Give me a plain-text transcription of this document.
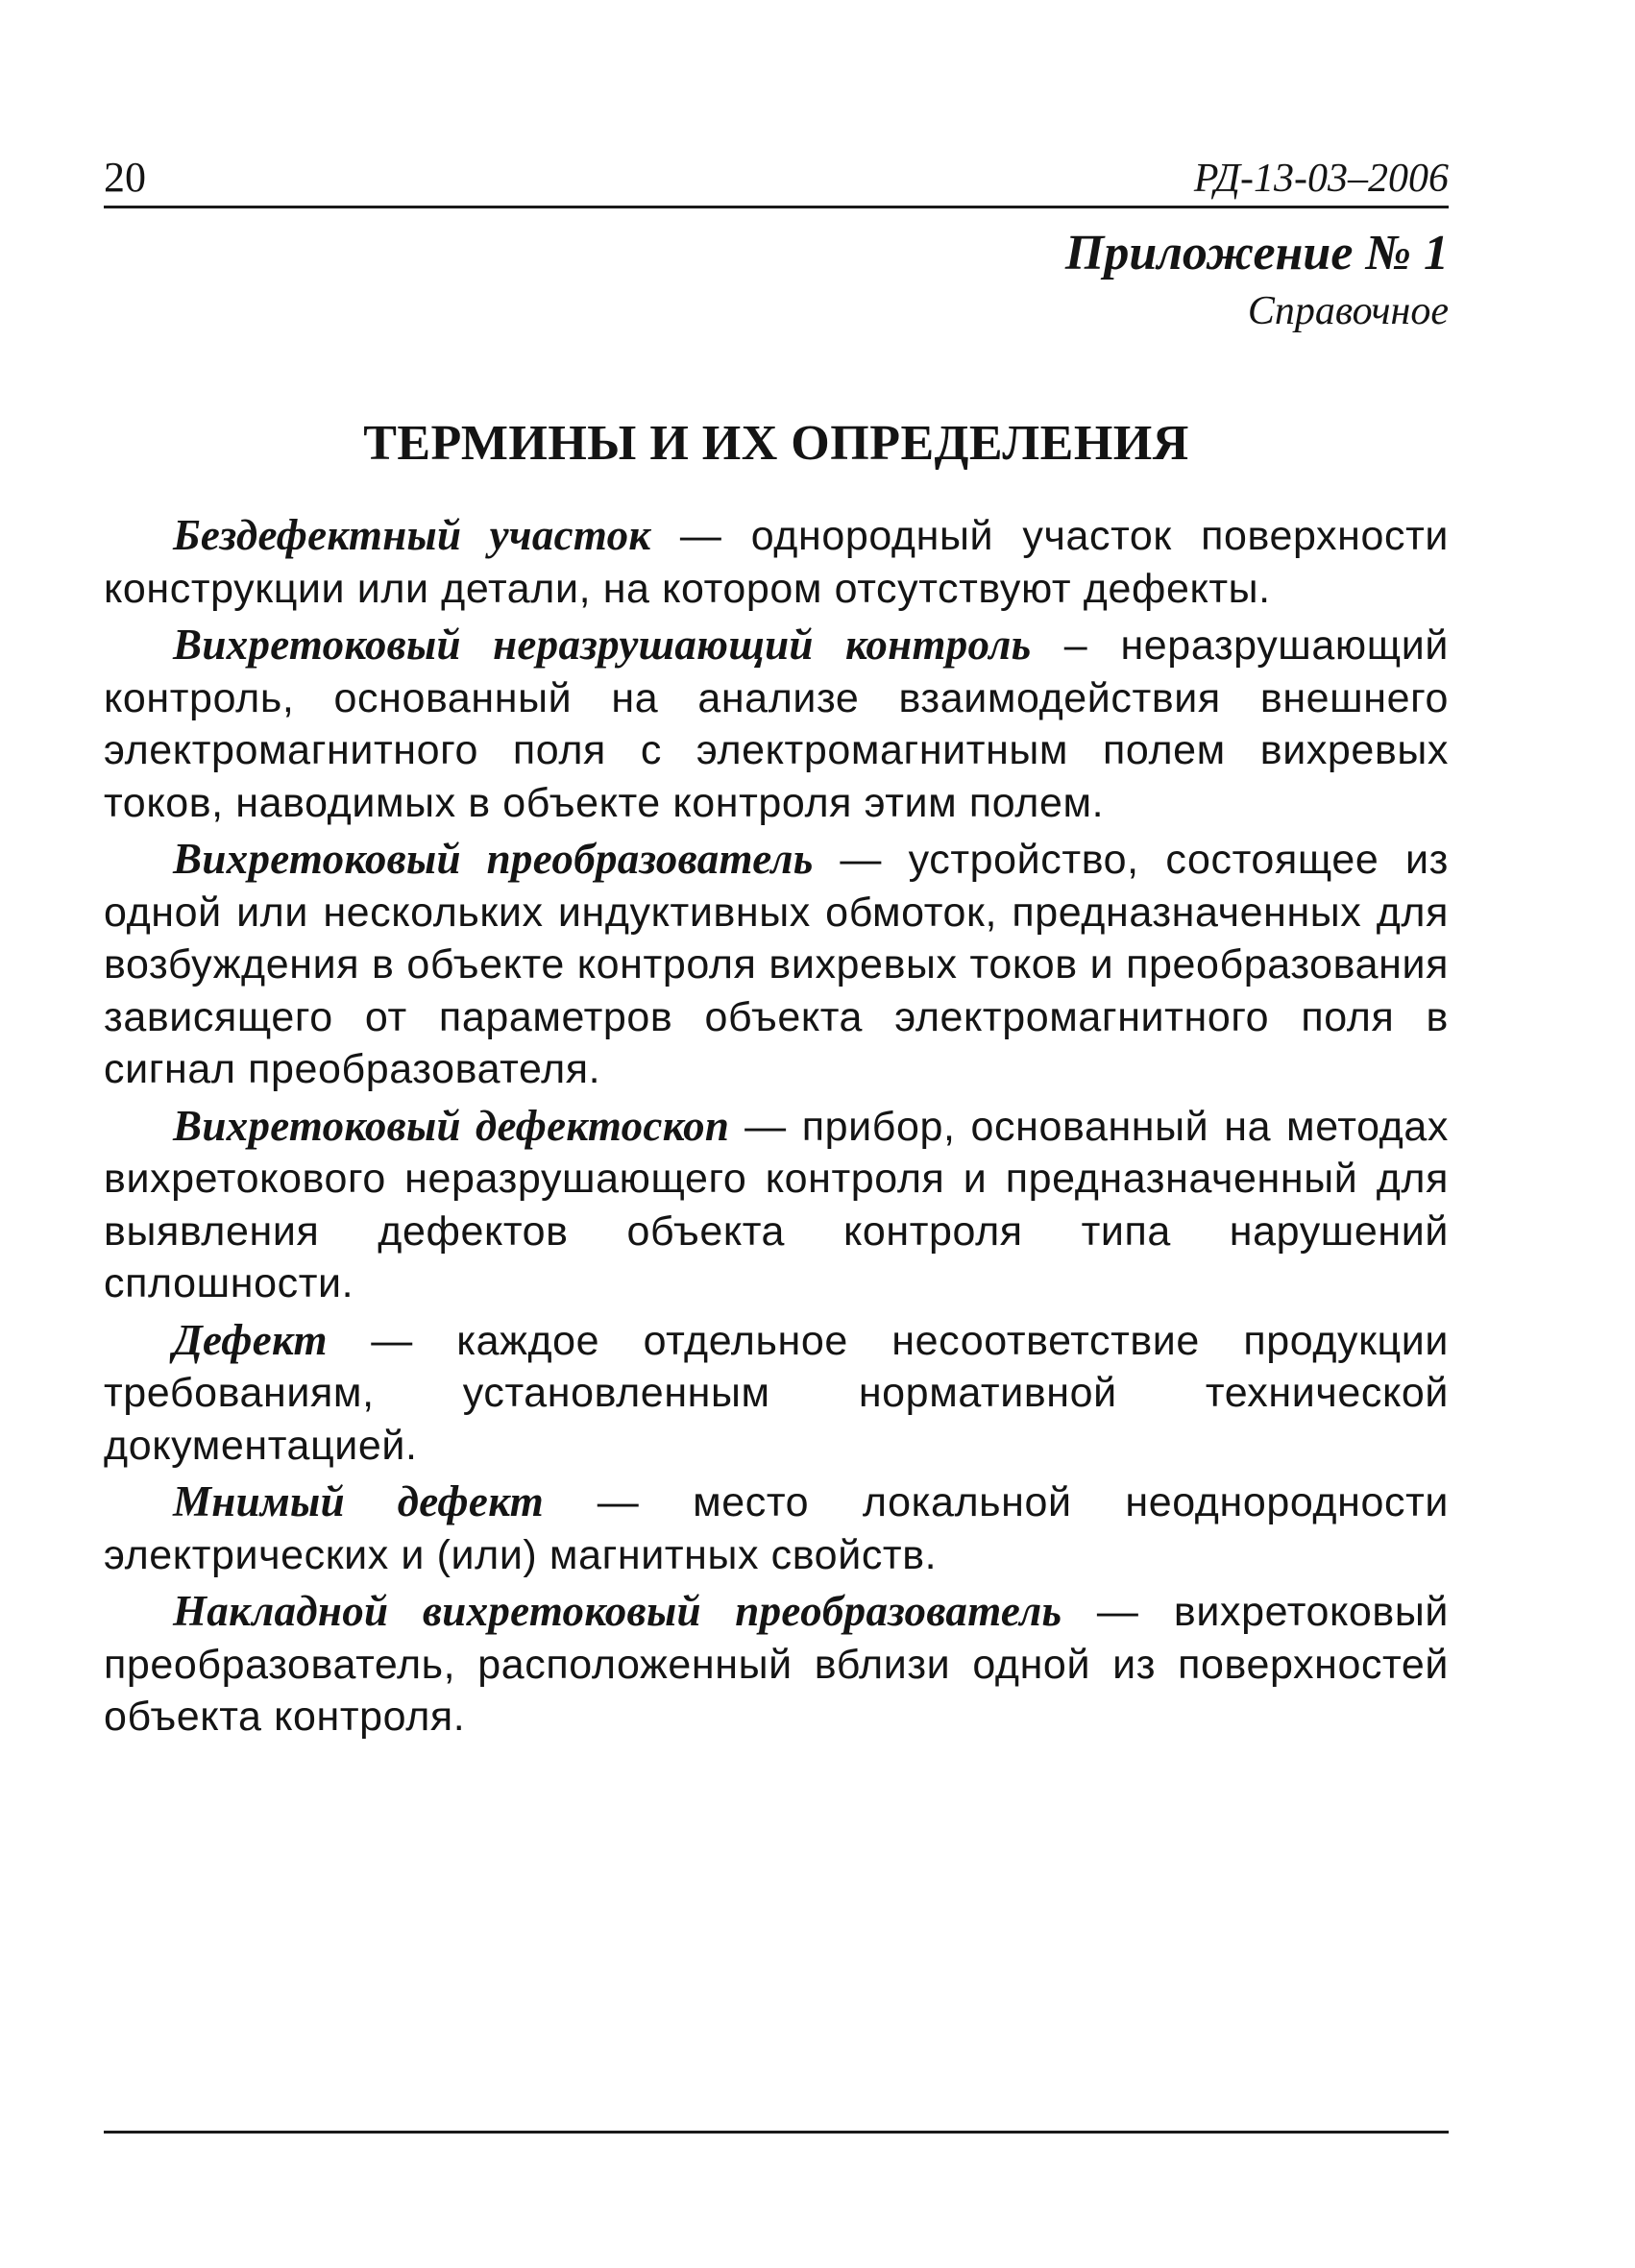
20	РД-13-03–2006
Приложение № 1
Справочное
ТЕРМИНЫ И ИХ ОПРЕДЕЛЕНИЯ

Бездефектный участок — однородный участок поверхности конструкции или детали, на котором отсутствуют дефекты.

Вихретоковый неразрушающий контроль – неразрушающий контроль, основанный на анализе взаимодействия внешнего электромагнитного поля с электромагнитным полем вихревых токов, наводимых в объекте контроля этим полем.

Вихретоковый преобразователь — устройство, состоящее из одной или нескольких индуктивных обмоток, предназначенных для возбуждения в объекте контроля вихревых токов и преобразования зависящего от параметров объекта электромагнитного поля в сигнал преобразователя.

Вихретоковый дефектоскоп — прибор, основанный на методах вихретокового неразрушающего контроля и предназначенный для выявления дефектов объекта контроля типа нарушений сплошности.

Дефект — каждое отдельное несоответствие продукции требованиям, установленным нормативной технической документацией.

Мнимый дефект — место локальной неоднородности электрических и (или) магнитных свойств.

Накладной вихретоковый преобразователь — вихретоковый преобразователь, расположенный вблизи одной из поверхностей объекта контроля.
